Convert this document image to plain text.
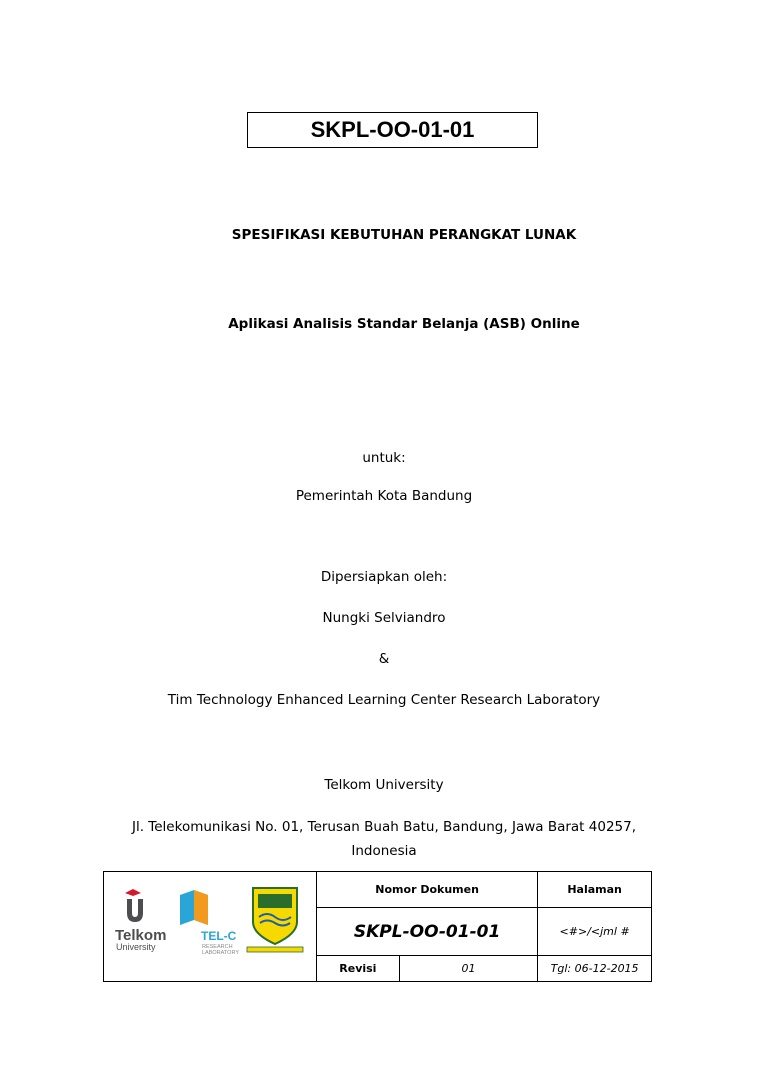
SKPL-OO-01-01
SPESIFIKASI KEBUTUHAN PERANGKAT LUNAK
Aplikasi Analisis Standar Belanja (ASB) Online
untuk:
Pemerintah Kota Bandung
Dipersiapkan oleh:
Nungki Selviandro
&
Tim Technology Enhanced Learning Center Research Laboratory
Telkom University
Jl. Telekomunikasi No. 01, Terusan Buah Batu, Bandung, Jawa Barat 40257,
Indonesia
Telkom
University
TEL-C
RESEARCH
LABORATORY	Nomor Dokumen		Halaman
	SKPL-OO-01-01		<#>/<jml #
	Revisi	01	Tgl: 06-12-2015
